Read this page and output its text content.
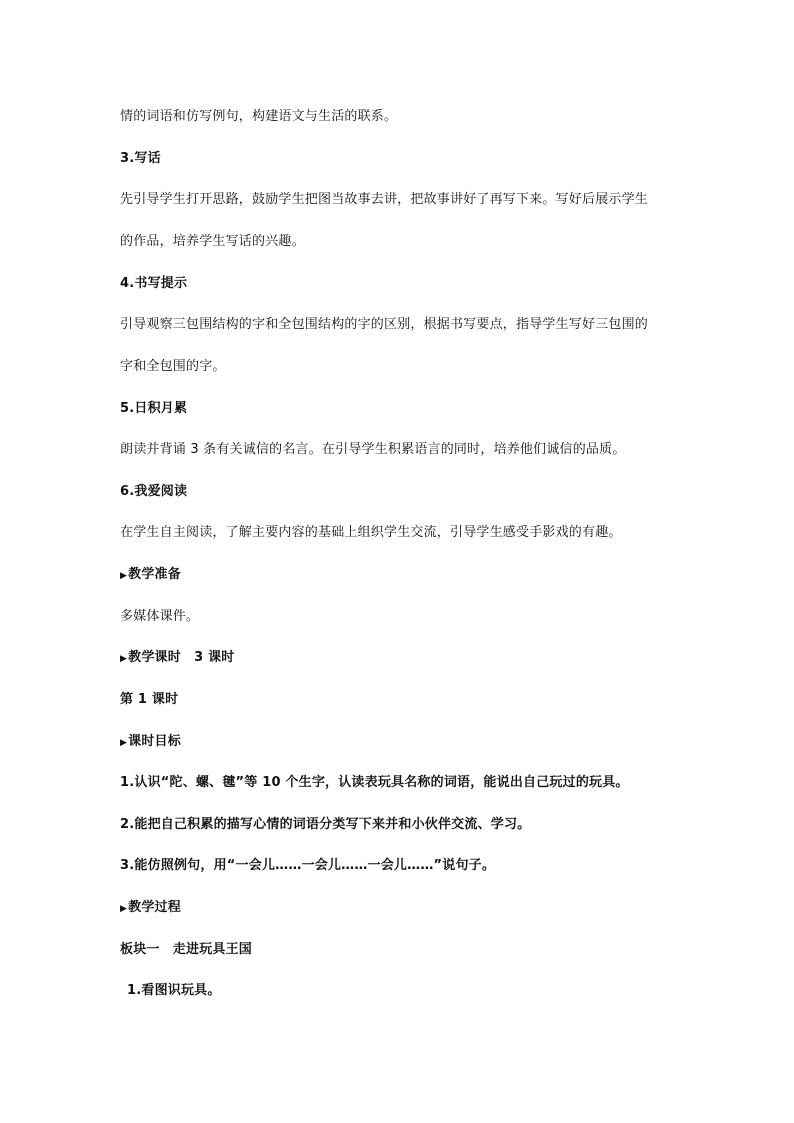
情的词语和仿写例句，构建语文与生活的联系。
3.写话
先引导学生打开思路，鼓励学生把图当故事去讲，把故事讲好了再写下来。写好后展示学生
的作品，培养学生写话的兴趣。
4.书写提示
引导观察三包围结构的字和全包围结构的字的区别，根据书写要点，指导学生写好三包围的
字和全包围的字。
5.日积月累
朗读并背诵 3 条有关诚信的名言。在引导学生积累语言的同时，培养他们诚信的品质。
6.我爱阅读
在学生自主阅读，了解主要内容的基础上组织学生交流，引导学生感受手影戏的有趣。
▶教学准备
多媒体课件。
▶教学课时　3 课时
第 1 课时
▶课时目标
1.认识“陀、螺、毽”等 10 个生字，认读表玩具名称的词语，能说出自己玩过的玩具。
2.能把自己积累的描写心情的词语分类写下来并和小伙伴交流、学习。
3.能仿照例句，用“一会儿……一会儿……一会儿……”说句子。
▶教学过程
板块一　走进玩具王国
1.看图识玩具。
